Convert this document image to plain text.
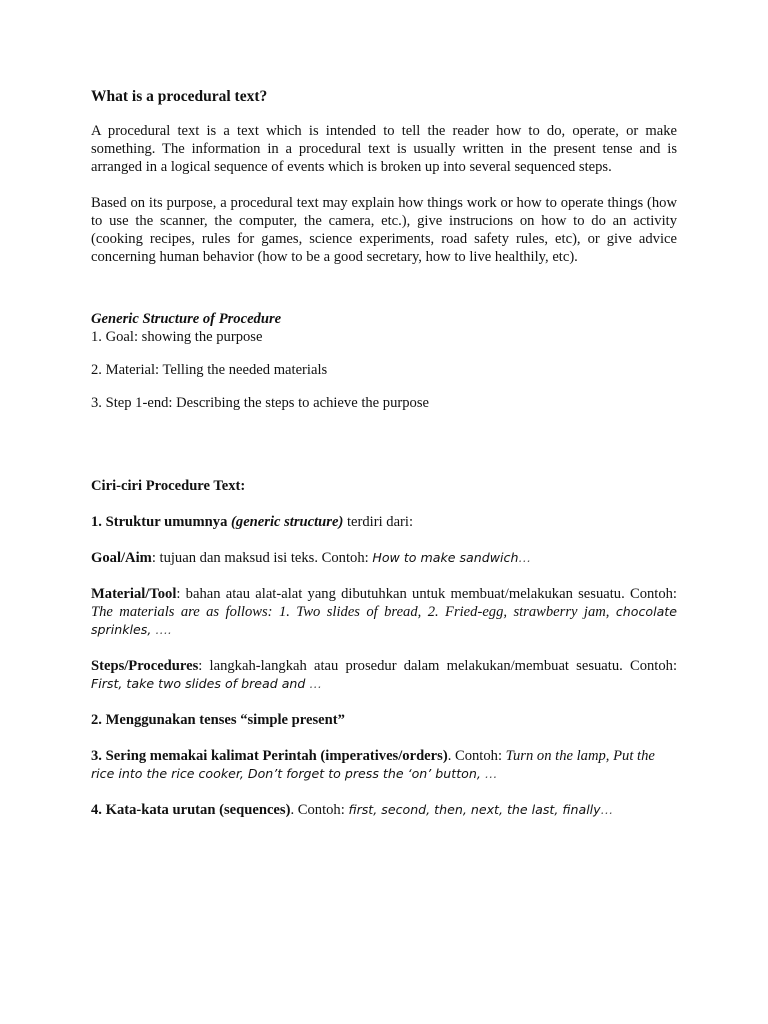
What is a procedural text?

A procedural text is a text which is intended to tell the reader how to do, operate, or make something. The information in a procedural text is usually written in the present tense and is arranged in a logical sequence of events which is broken up into several sequenced steps.

Based on its purpose, a procedural text may explain how things work or how to operate things (how to use the scanner, the computer, the camera, etc.), give instrucions on how to do an activity (cooking recipes, rules for games, science experiments, road safety rules, etc), or give advice concerning human behavior (how to be a good secretary, how to live healthily, etc).

Generic Structure of Procedure

1. Goal: showing the purpose

2. Material: Telling the needed materials

3. Step 1-end: Describing the steps to achieve the purpose

Ciri-ciri Procedure Text:

1. Struktur umumnya (generic structure) terdiri dari:

Goal/Aim: tujuan dan maksud isi teks. Contoh: How to make sandwich…

Material/Tool: bahan atau alat-alat yang dibutuhkan untuk membuat/melakukan sesuatu. Contoh: The materials are as follows: 1. Two slides of bread, 2. Fried-egg, strawberry jam, chocolate sprinkles, ….

Steps/Procedures: langkah-langkah atau prosedur dalam melakukan/membuat sesuatu. Contoh: First, take two slides of bread and …

2. Menggunakan tenses “simple present”

3. Sering memakai kalimat Perintah (imperatives/orders). Contoh: Turn on the lamp, Put the rice into the rice cooker, Don’t forget to press the ‘on’ button, …

4. Kata-kata urutan (sequences). Contoh: first, second, then, next, the last, finally…
